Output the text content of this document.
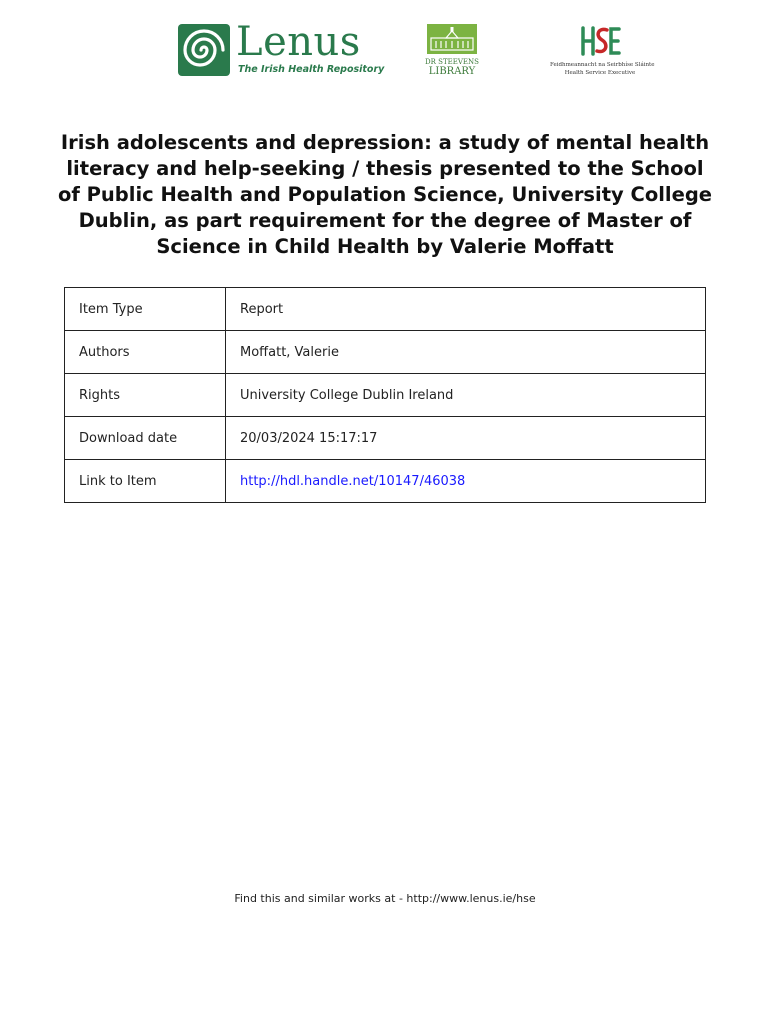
Lenus
The Irish Health Repository
DR STEEVENS
LIBRARY
Feidhmeannacht na Seirbhíse Sláinte
Health Service Executive
Irish adolescents and depression: a study of mental health literacy and help-seeking / thesis presented to the School of Public Health and Population Science, University College Dublin, as part requirement for the degree of Master of Science in Child Health by Valerie Moffatt
Item Type	Report
Authors	Moffatt, Valerie
Rights	University College Dublin Ireland
Download date	20/03/2024 15:17:17
Link to Item	http://hdl.handle.net/10147/46038
Find this and similar works at - http://www.lenus.ie/hse
